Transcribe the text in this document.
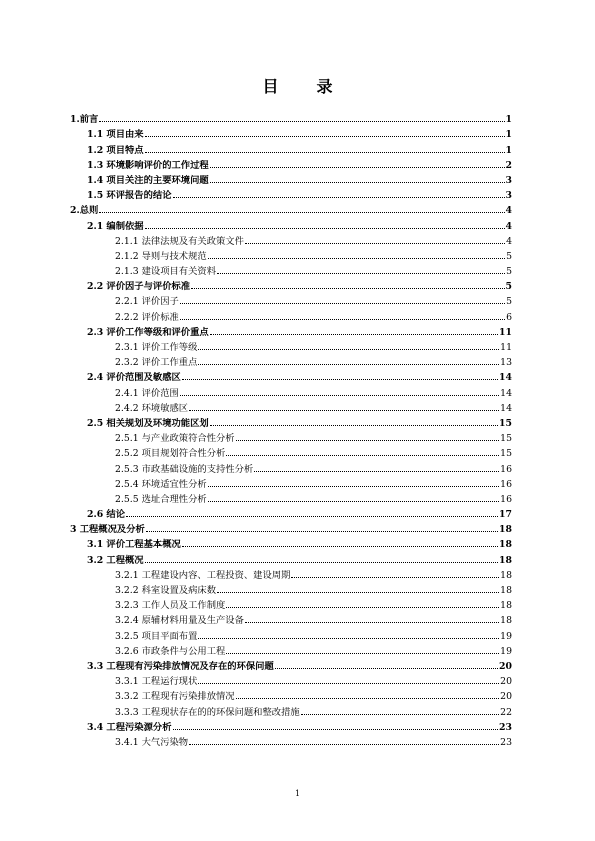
目 录
1.前言	1
1.1 项目由来	1
1.2 项目特点	1
1.3 环境影响评价的工作过程	2
1.4 项目关注的主要环境问题	3
1.5 环评报告的结论	3
2.总则	4
2.1 编制依据	4
2.1.1 法律法规及有关政策文件	4
2.1.2 导则与技术规范	5
2.1.3 建设项目有关资料	5
2.2 评价因子与评价标准	5
2.2.1 评价因子	5
2.2.2 评价标准	6
2.3 评价工作等级和评价重点	11
2.3.1 评价工作等级	11
2.3.2 评价工作重点	13
2.4 评价范围及敏感区	14
2.4.1 评价范围	14
2.4.2 环境敏感区	14
2.5 相关规划及环境功能区划	15
2.5.1 与产业政策符合性分析	15
2.5.2 项目规划符合性分析	15
2.5.3 市政基础设施的支持性分析	16
2.5.4 环境适宜性分析	16
2.5.5 选址合理性分析	16
2.6 结论	17
3 工程概况及分析	18
3.1 评价工程基本概况	18
3.2 工程概况	18
3.2.1 工程建设内容、工程投资、建设周期	18
3.2.2 科室设置及病床数	18
3.2.3 工作人员及工作制度	18
3.2.4 原辅材料用量及生产设备	18
3.2.5 项目平面布置	19
3.2.6 市政条件与公用工程	19
3.3 工程现有污染排放情况及存在的环保问题	20
3.3.1 工程运行现状	20
3.3.2 工程现有污染排放情况	20
3.3.3 工程现状存在的的环保问题和整改措施	22
3.4 工程污染源分析	23
3.4.1 大气污染物	23
1
